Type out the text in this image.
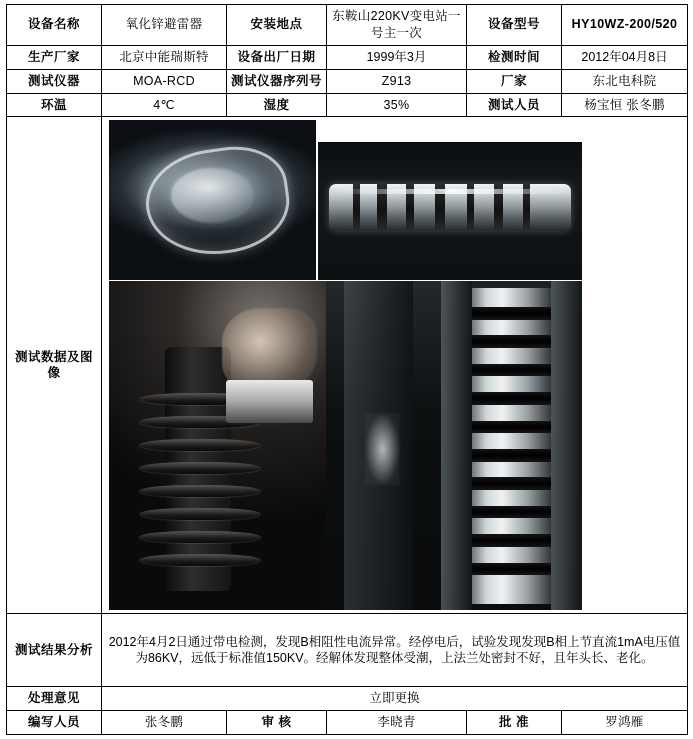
设备名称	氧化锌避雷器	安装地点	东鞍山220KV变电站一号主一次	设备型号	HY10WZ-200/520
生产厂家	北京中能瑞斯特	设备出厂日期	1999年3月	检测时间	2012年04月8日
测试仪器	MOA-RCD	测试仪器序列号	Z913	厂家	东北电科院
环温	4℃	湿度	35%	测试人员	杨宝恒 张冬鹏
测试数据及图像					

测试结果分析	2012年4月2日通过带电检测，发现B相阻性电流异常。经停电后，试验发现发现B相上节直流1mA电压值为86KV，远低于标准值150KV。经解体发现整体受潮，上法兰处密封不好，且年头长、老化。				
处理意见	立即更换				
编写人员	张冬鹏	审 核	李晓青	批 准	罗鸿雁
